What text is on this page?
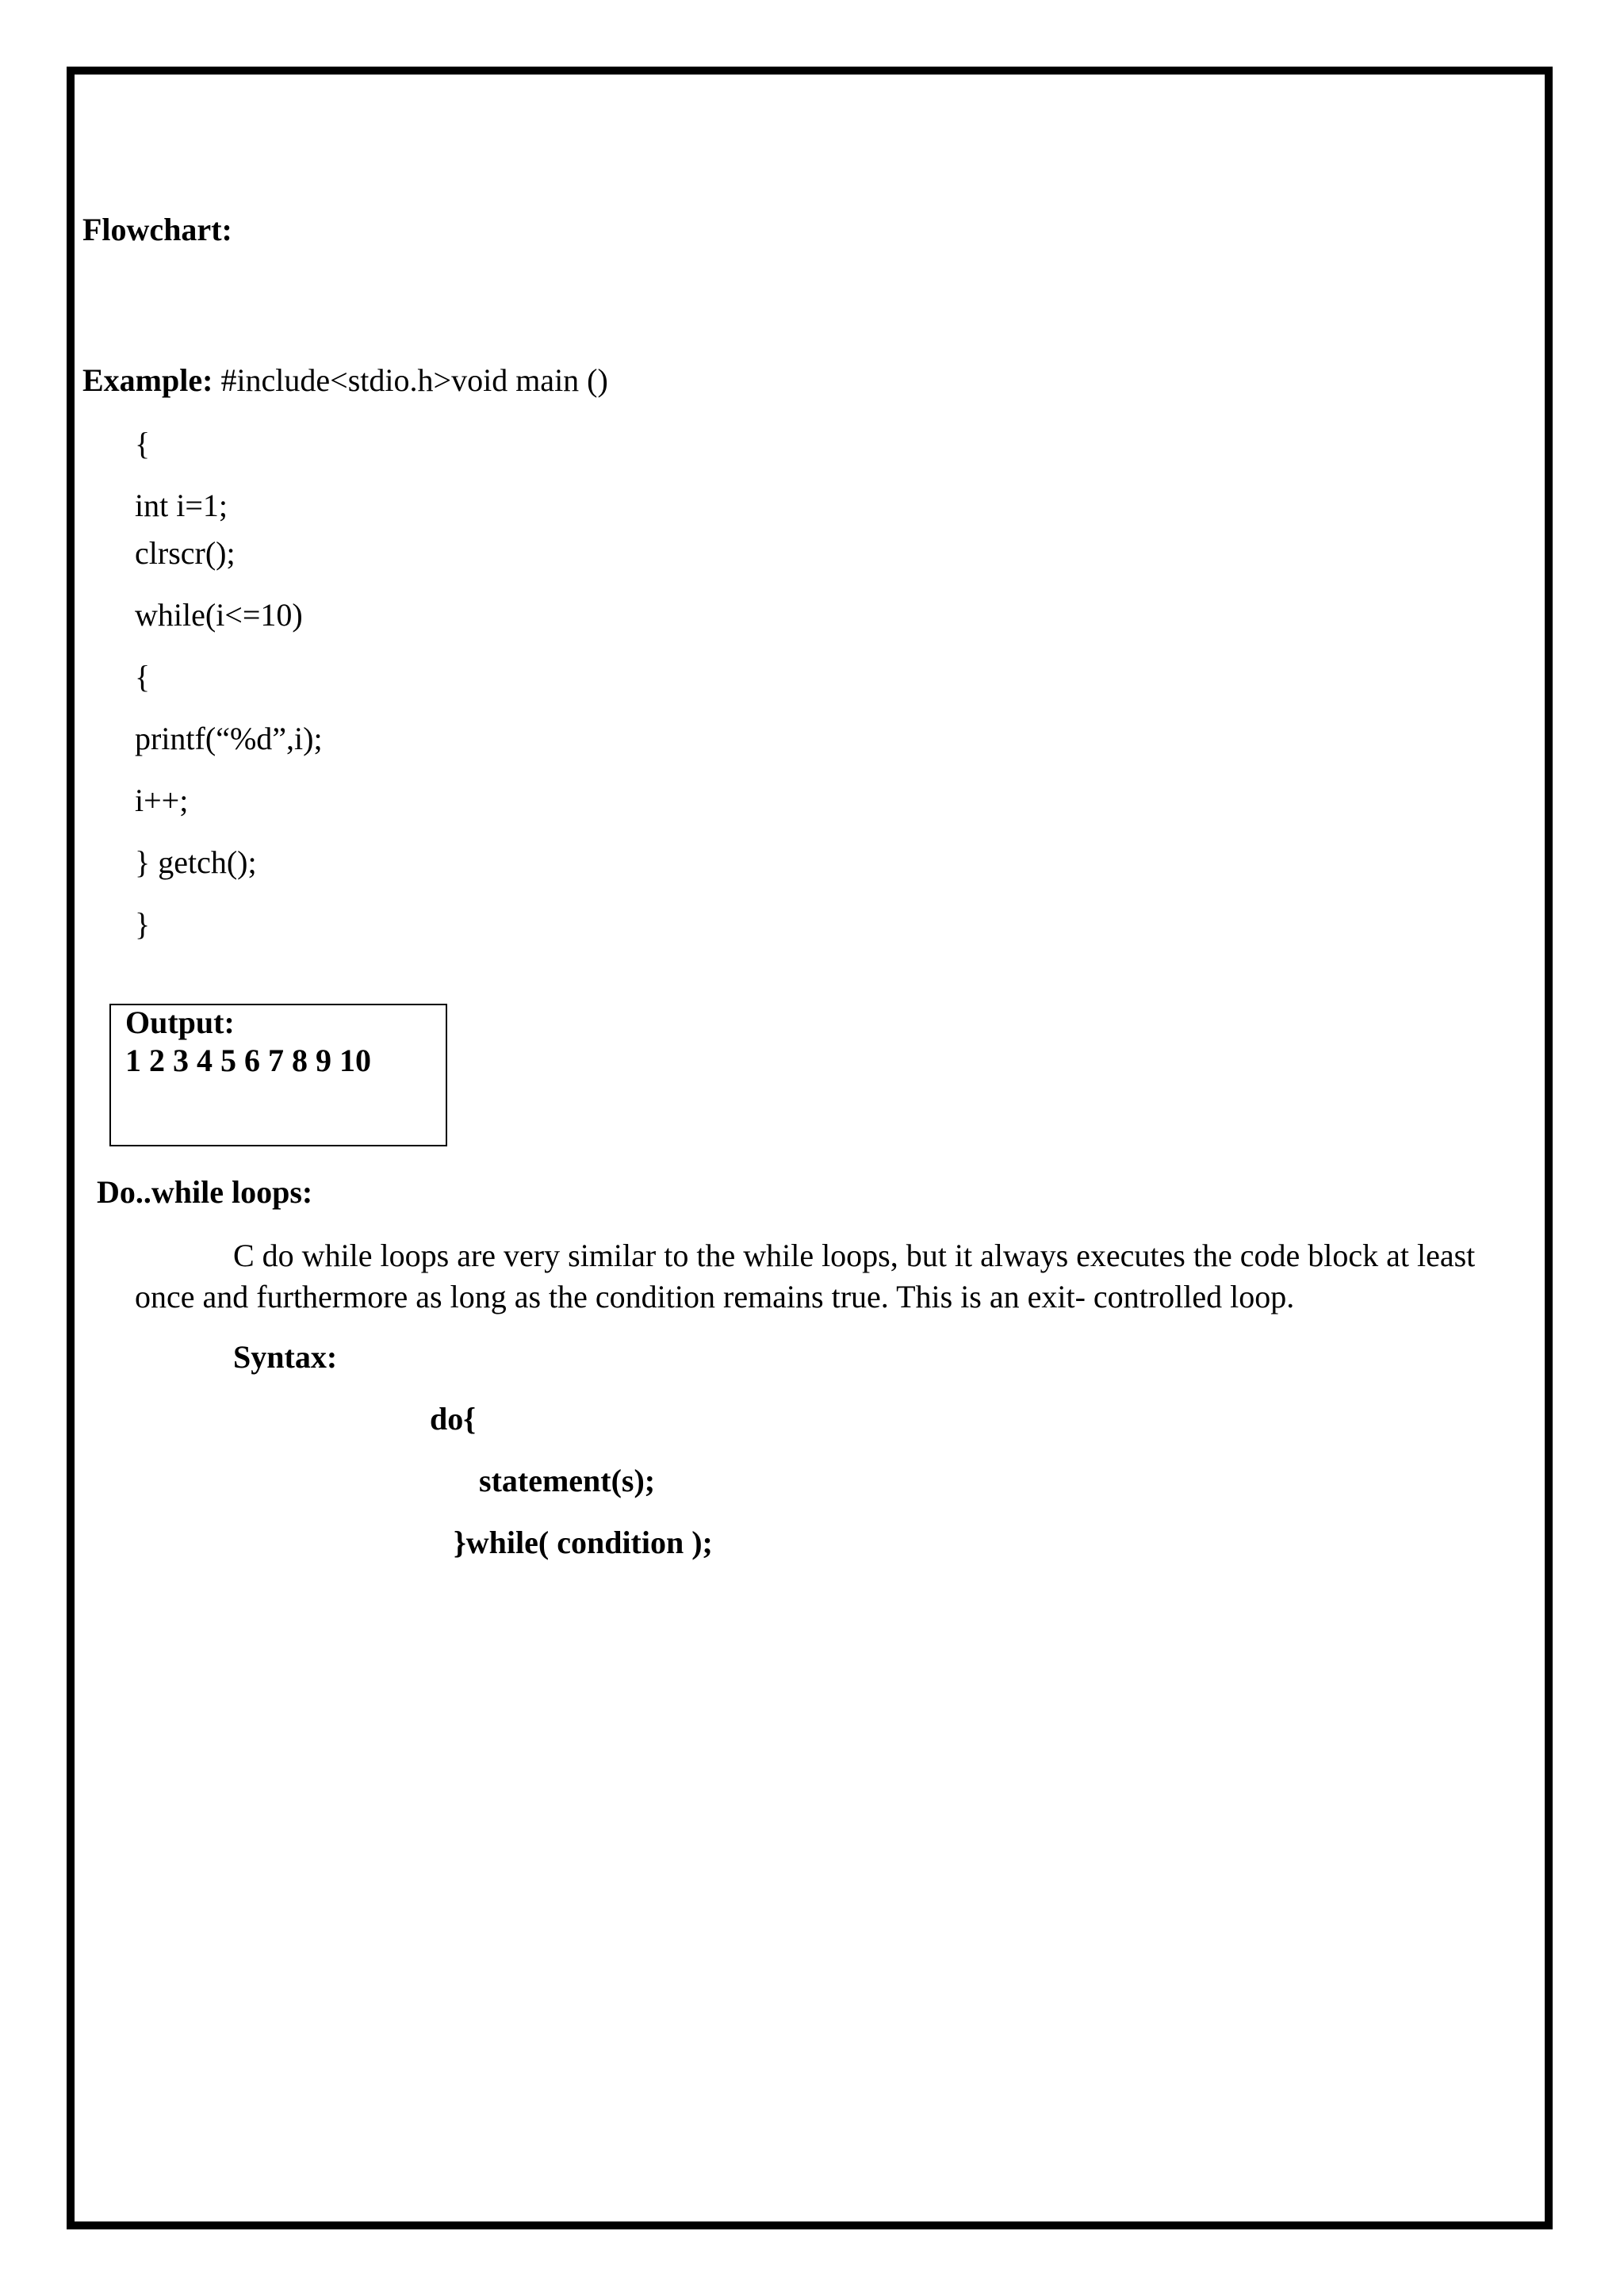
Flowchart:
Example: #include<stdio.h>void main ()
{
int i=1;
clrscr();
while(i<=10)
{
printf(“%d”,i);
i++;
} getch();
}
Output:
1 2 3 4 5 6 7 8 9 10
Do..while loops:
C do while loops are very similar to the while loops, but it always executes the code block at least once and furthermore as long as the condition remains true. This is an exit- controlled loop.
Syntax:
do{
statement(s);
}while( condition );
